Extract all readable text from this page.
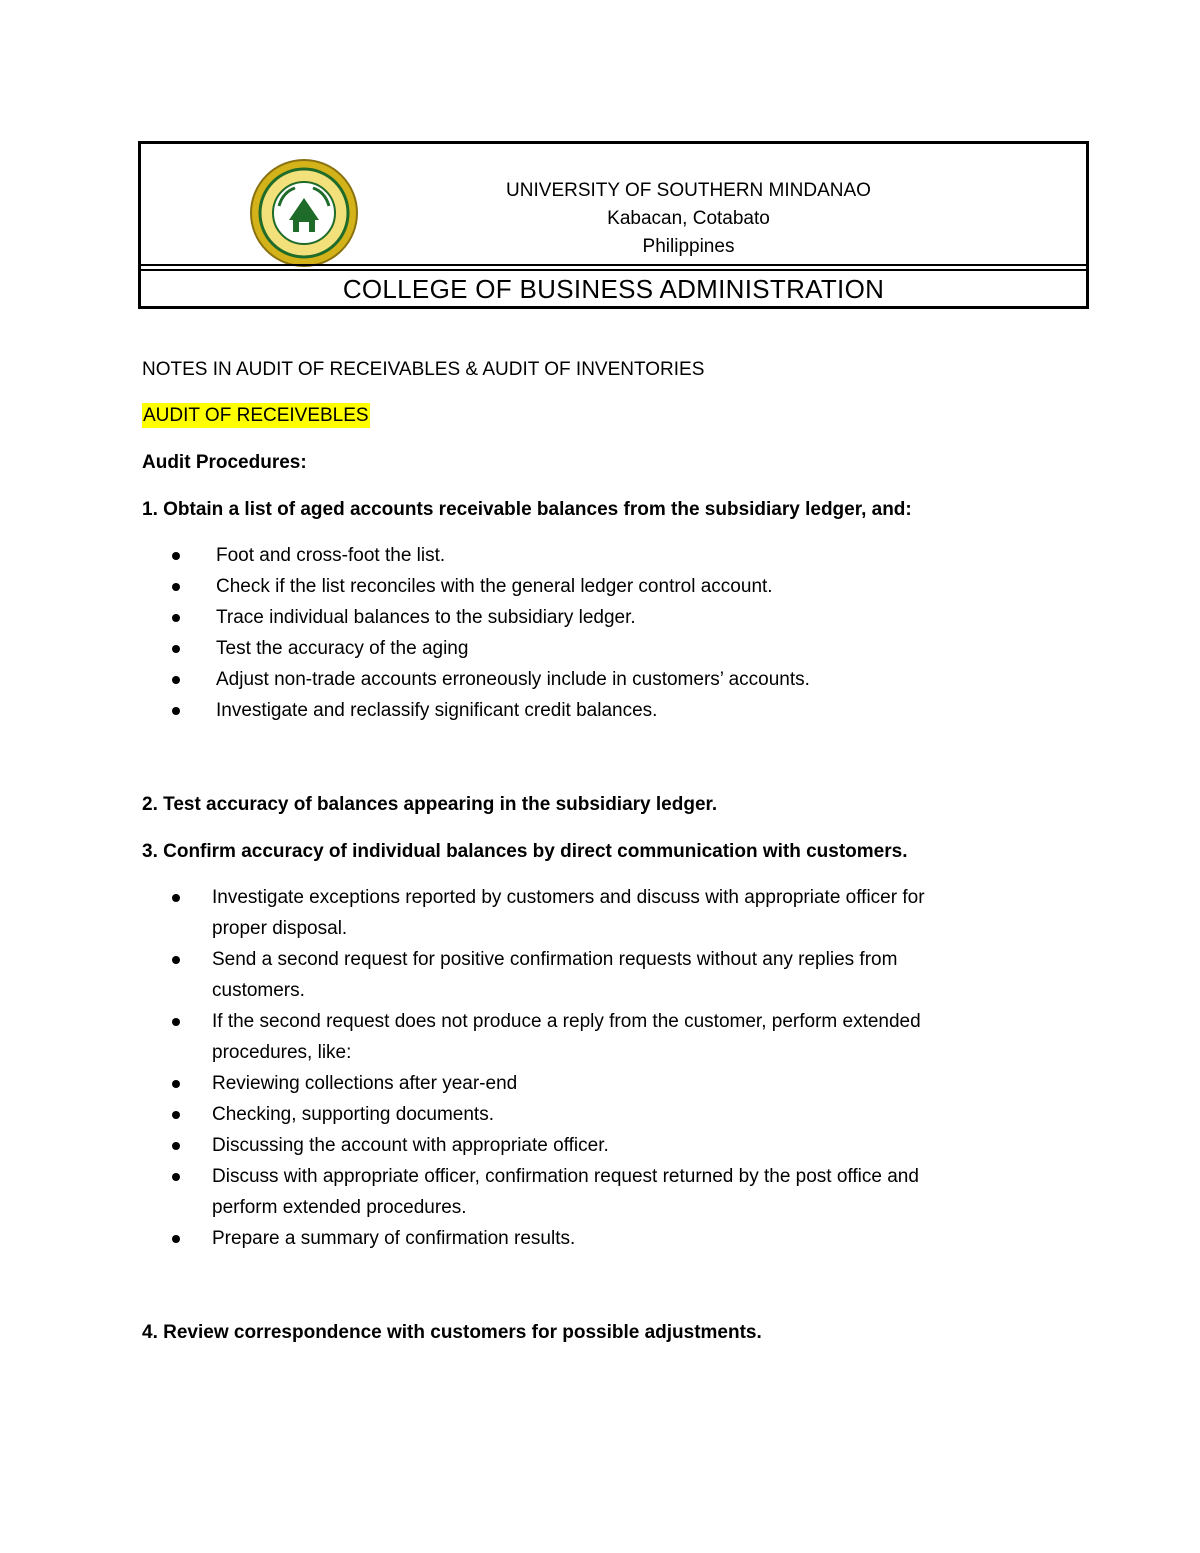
UNIVERSITY OF SOUTHERN MINDANAO
Kabacan, Cotabato
Philippines
COLLEGE OF BUSINESS ADMINISTRATION
NOTES IN AUDIT OF RECEIVABLES & AUDIT OF INVENTORIES
AUDIT OF RECEIVEBLES
Audit Procedures:
1. Obtain a list of aged accounts receivable balances from the subsidiary ledger, and:
Foot and cross-foot the list.
Check if the list reconciles with the general ledger control account.
Trace individual balances to the subsidiary ledger.
Test the accuracy of the aging
Adjust non-trade accounts erroneously include in customers’ accounts.
Investigate and reclassify significant credit balances.
2. Test accuracy of balances appearing in the subsidiary ledger.
3. Confirm accuracy of individual balances by direct communication with customers.
Investigate exceptions reported by customers and discuss with appropriate officer for
proper disposal.
Send a second request for positive confirmation requests without any replies from
customers.
If the second request does not produce a reply from the customer, perform extended
procedures, like:
Reviewing collections after year-end
Checking, supporting documents.
Discussing the account with appropriate officer.
Discuss with appropriate officer, confirmation request returned by the post office and
perform extended procedures.
Prepare a summary of confirmation results.
4. Review correspondence with customers for possible adjustments.
